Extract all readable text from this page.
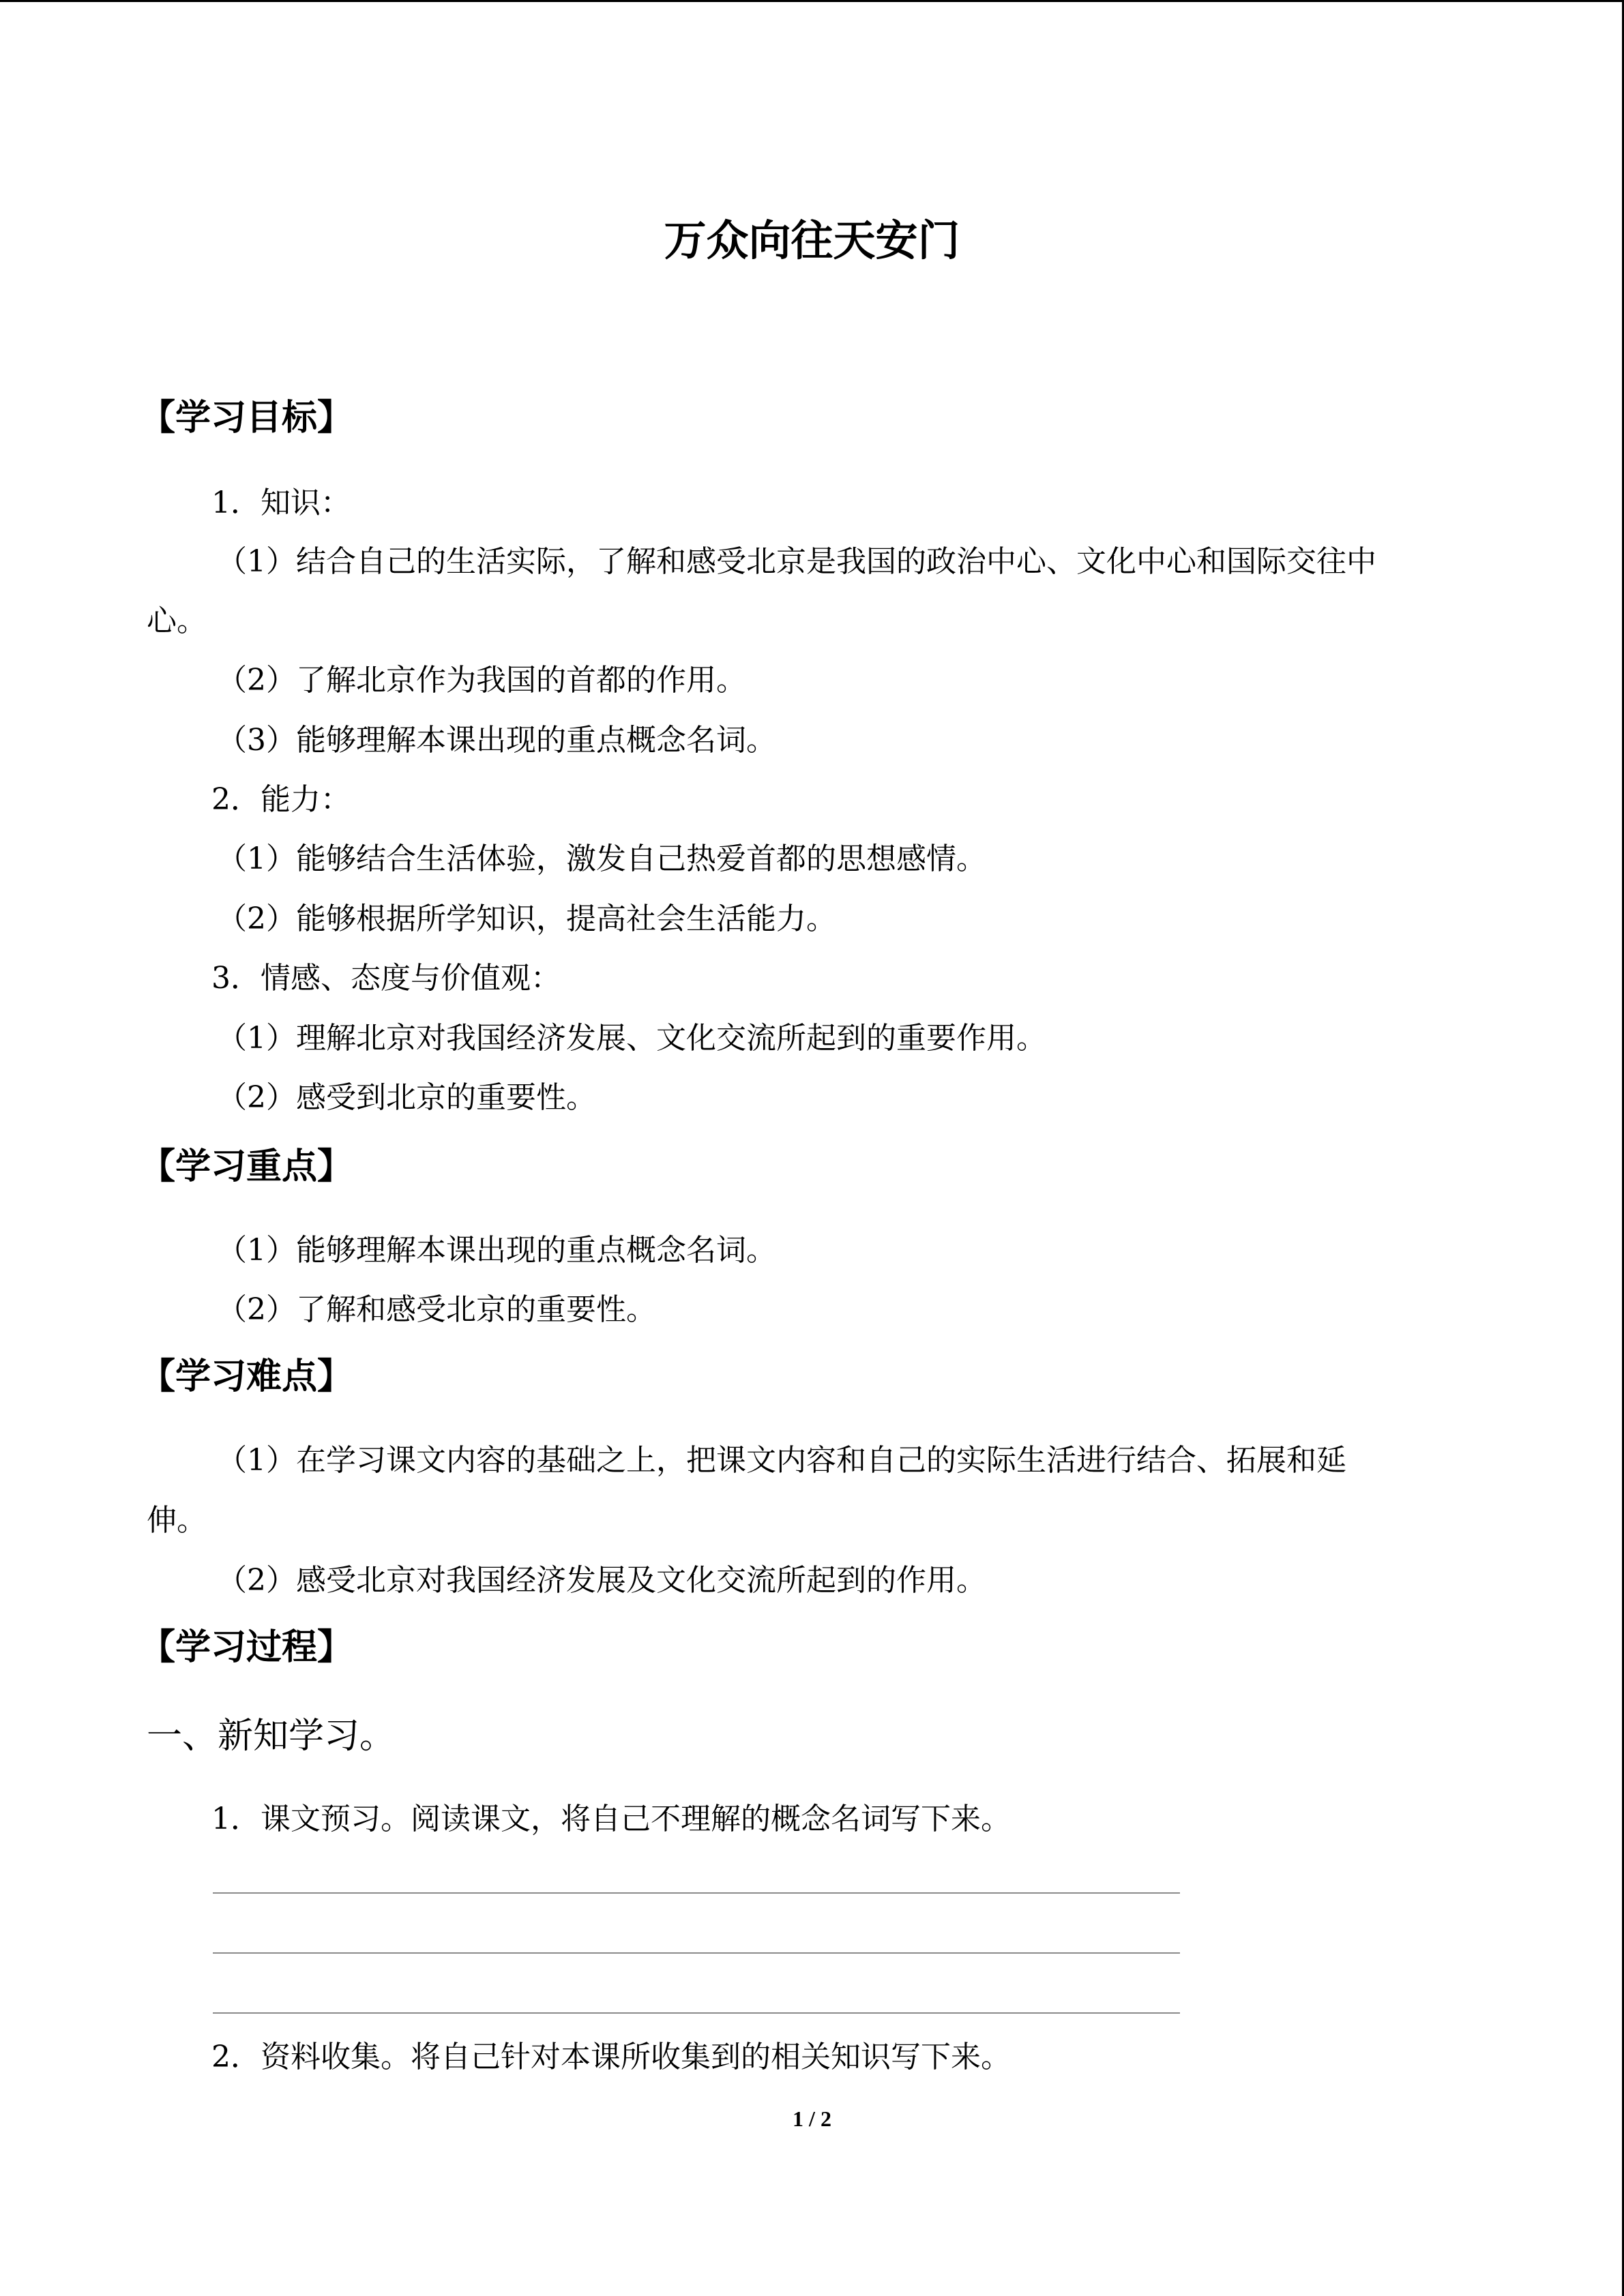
万众向往天安门
【学习目标】

1．知识：

（1）结合自己的生活实际，了解和感受北京是我国的政治中心、文化中心和国际交往中

心。

（2）了解北京作为我国的首都的作用。

（3）能够理解本课出现的重点概念名词。

2．能力：

（1）能够结合生活体验，激发自己热爱首都的思想感情。

（2）能够根据所学知识，提高社会生活能力。

3．情感、态度与价值观：

（1）理解北京对我国经济发展、文化交流所起到的重要作用。

（2）感受到北京的重要性。

【学习重点】

（1）能够理解本课出现的重点概念名词。

（2）了解和感受北京的重要性。

【学习难点】

（1）在学习课文内容的基础之上，把课文内容和自己的实际生活进行结合、拓展和延

伸。

（2）感受北京对我国经济发展及文化交流所起到的作用。

【学习过程】

一、新知学习。

1．课文预习。阅读课文，将自己不理解的概念名词写下来。

2．资料收集。将自己针对本课所收集到的相关知识写下来。

1 / 2
